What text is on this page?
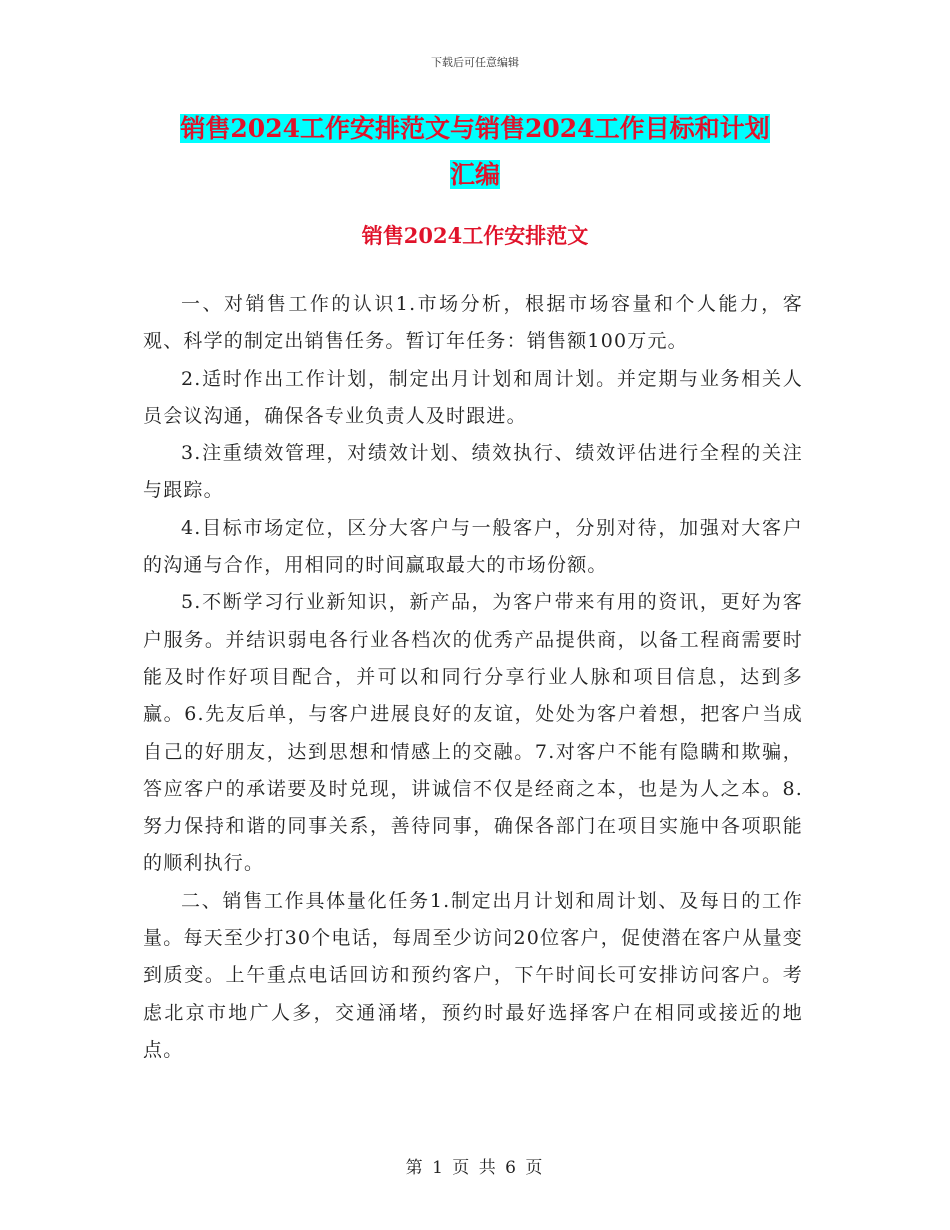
下载后可任意编辑
销售2024工作安排范文与销售2024工作目标和计划
汇编
销售2024工作安排范文

一、对销售工作的认识1.市场分析，根据市场容量和个人能力，客观、科学的制定出销售任务。暂订年任务：销售额100万元。

2.适时作出工作计划，制定出月计划和周计划。并定期与业务相关人员会议沟通，确保各专业负责人及时跟进。

3.注重绩效管理，对绩效计划、绩效执行、绩效评估进行全程的关注与跟踪。

4.目标市场定位，区分大客户与一般客户，分别对待，加强对大客户的沟通与合作，用相同的时间赢取最大的市场份额。

5.不断学习行业新知识，新产品，为客户带来有用的资讯，更好为客户服务。并结识弱电各行业各档次的优秀产品提供商，以备工程商需要时能及时作好项目配合，并可以和同行分享行业人脉和项目信息，达到多赢。6.先友后单，与客户进展良好的友谊，处处为客户着想，把客户当成自己的好朋友，达到思想和情感上的交融。7.对客户不能有隐瞒和欺骗，答应客户的承诺要及时兑现，讲诚信不仅是经商之本，也是为人之本。8.努力保持和谐的同事关系，善待同事，确保各部门在项目实施中各项职能的顺利执行。

二、销售工作具体量化任务1.制定出月计划和周计划、及每日的工作量。每天至少打30个电话，每周至少访问20位客户，促使潜在客户从量变到质变。上午重点电话回访和预约客户，下午时间长可安排访问客户。考虑北京市地广人多，交通涌堵，预约时最好选择客户在相同或接近的地点。

第 1 页 共 6 页
